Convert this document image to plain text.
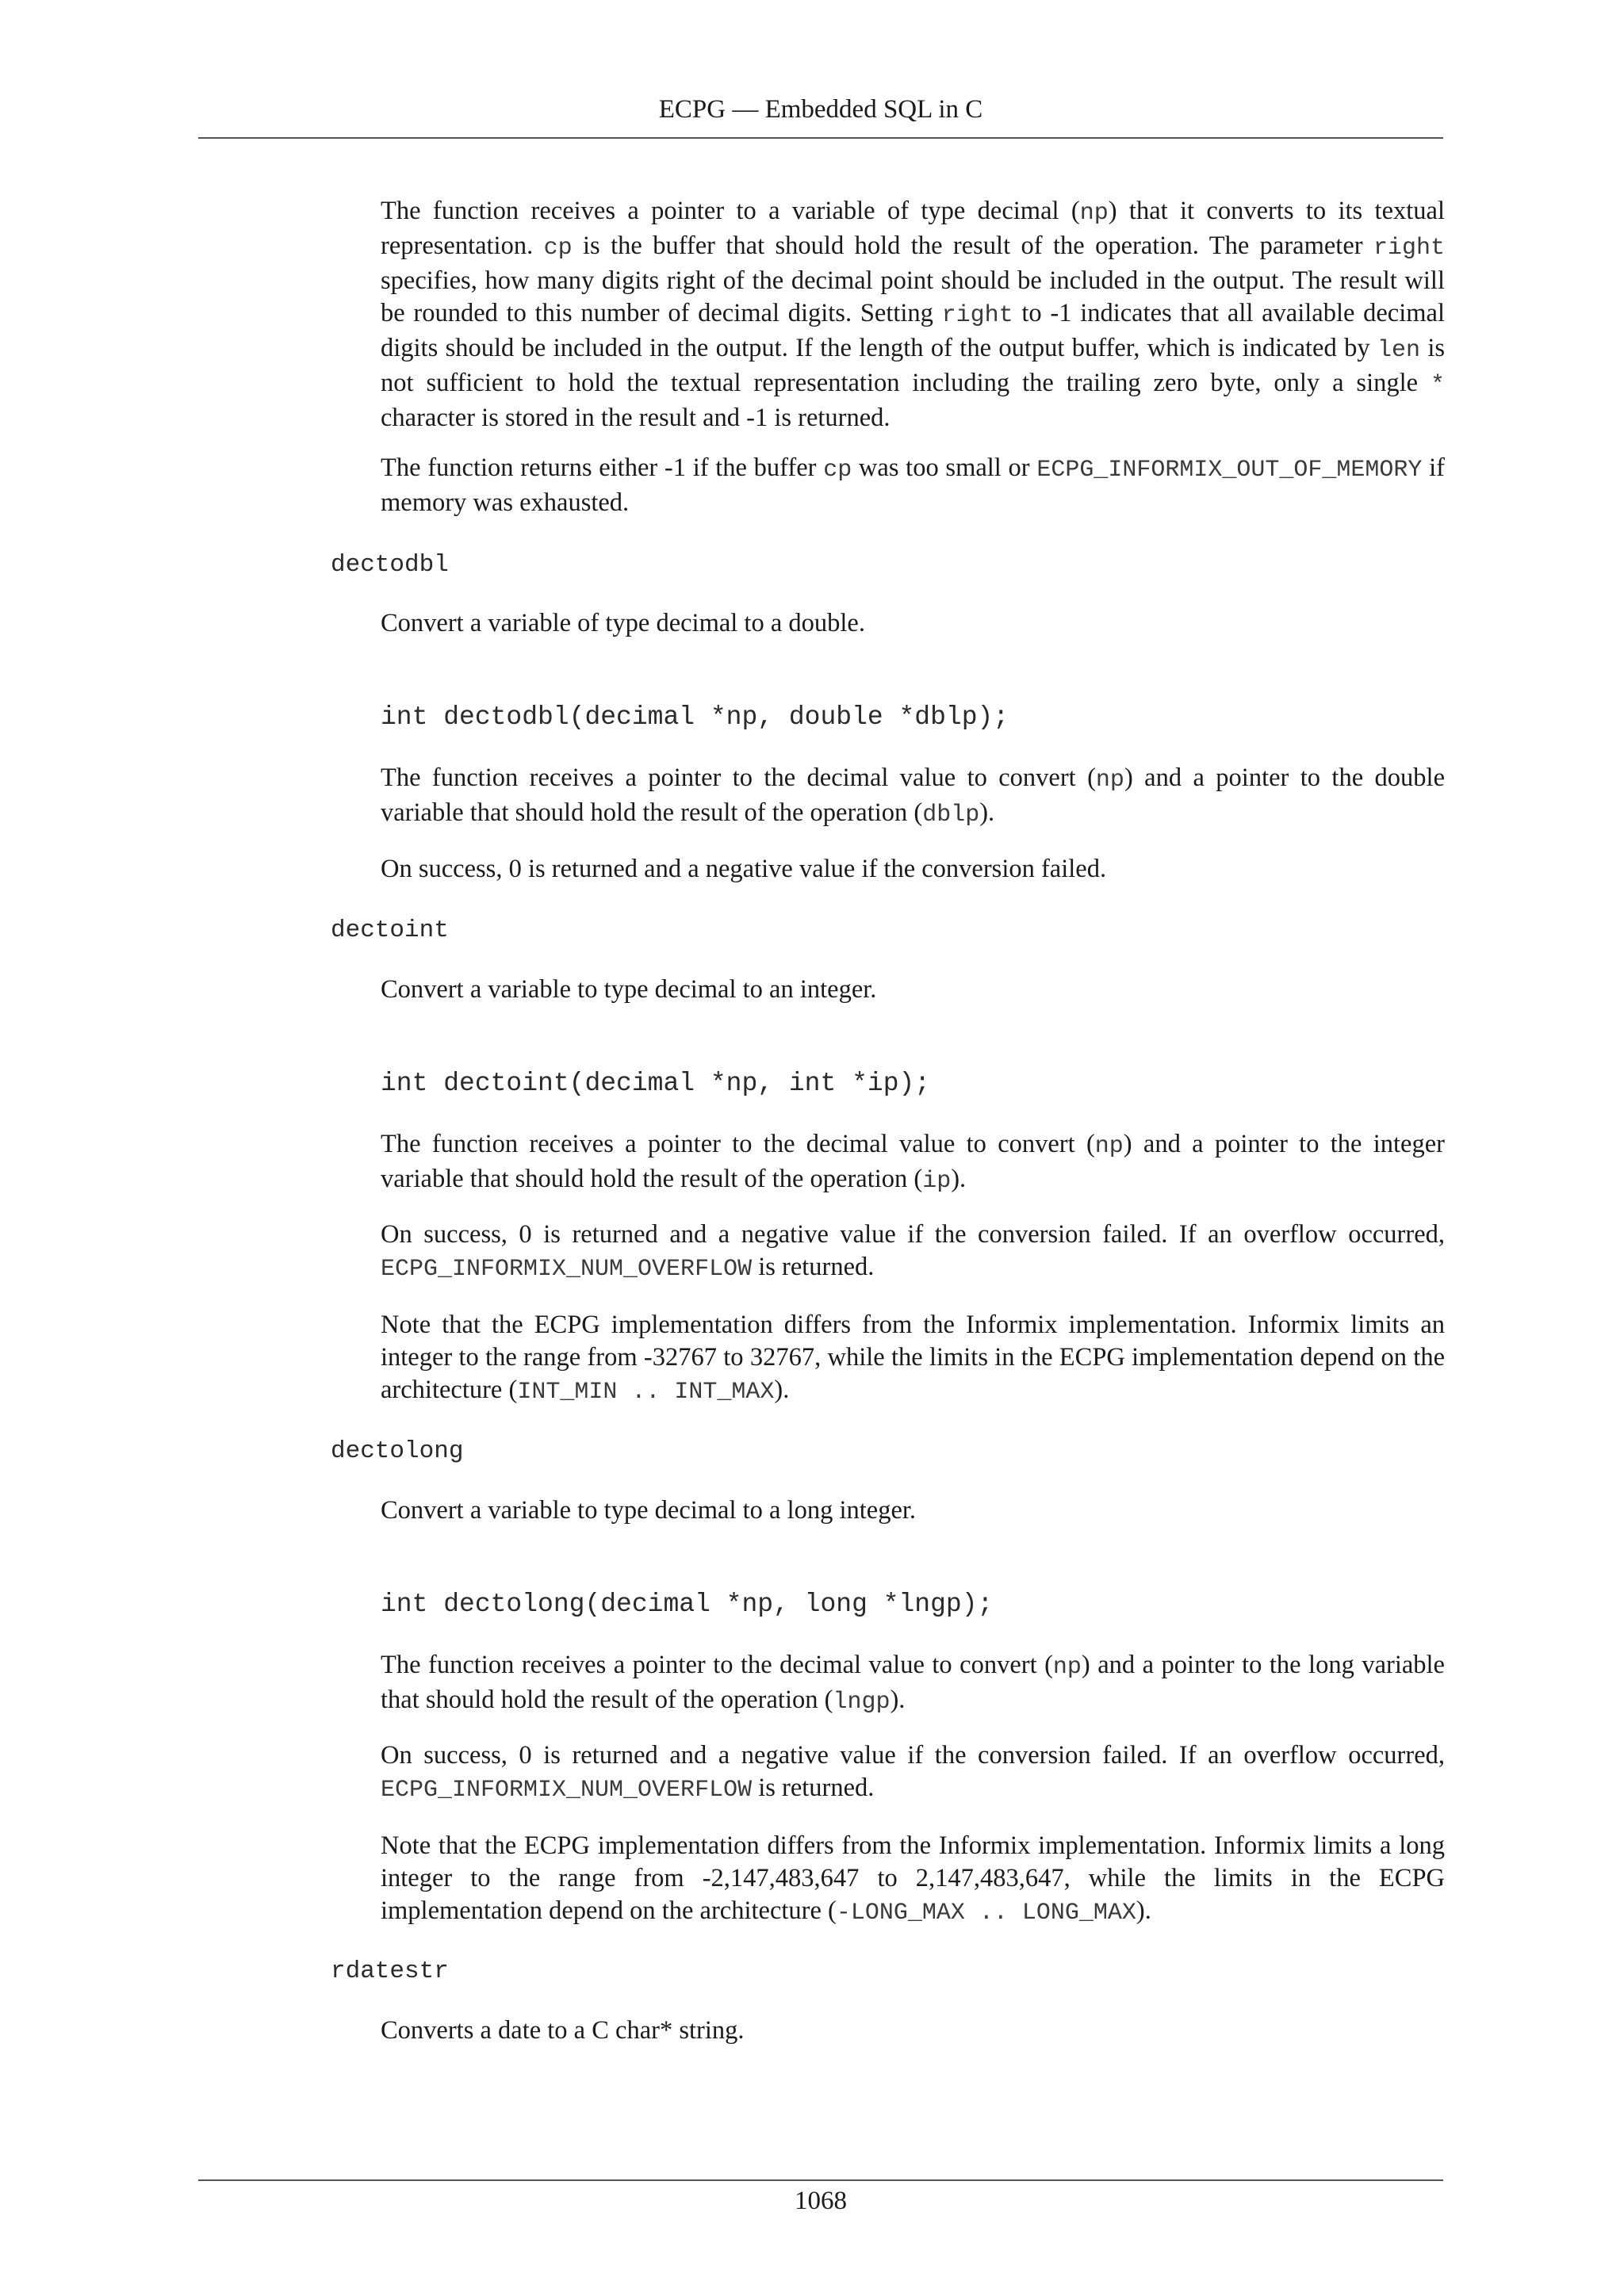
ECPG — Embedded SQL in C

The function receives a pointer to a variable of type decimal (np) that it converts to its textual representation. cp is the buffer that should hold the result of the operation. The parameter right specifies, how many digits right of the decimal point should be included in the output. The result will be rounded to this number of decimal digits. Setting right to -1 indicates that all available decimal digits should be included in the output. If the length of the output buffer, which is indicated by len is not sufficient to hold the textual representation including the trailing zero byte, only a single * character is stored in the result and -1 is returned.

The function returns either -1 if the buffer cp was too small or ECPG_INFORMIX_OUT_OF_MEMORY if memory was exhausted.

dectodbl

Convert a variable of type decimal to a double.

int dectodbl(decimal *np, double *dblp);

The function receives a pointer to the decimal value to convert (np) and a pointer to the double variable that should hold the result of the operation (dblp).

On success, 0 is returned and a negative value if the conversion failed.

dectoint

Convert a variable to type decimal to an integer.

int dectoint(decimal *np, int *ip);

The function receives a pointer to the decimal value to convert (np) and a pointer to the integer variable that should hold the result of the operation (ip).

On success, 0 is returned and a negative value if the conversion failed. If an overflow occurred, ECPG_INFORMIX_NUM_OVERFLOW is returned.

Note that the ECPG implementation differs from the Informix implementation. Informix limits an integer to the range from -32767 to 32767, while the limits in the ECPG implementation depend on the architecture (INT_MIN .. INT_MAX).

dectolong

Convert a variable to type decimal to a long integer.

int dectolong(decimal *np, long *lngp);

The function receives a pointer to the decimal value to convert (np) and a pointer to the long variable that should hold the result of the operation (lngp).

On success, 0 is returned and a negative value if the conversion failed. If an overflow occurred, ECPG_INFORMIX_NUM_OVERFLOW is returned.

Note that the ECPG implementation differs from the Informix implementation. Informix limits a long integer to the range from -2,147,483,647 to 2,147,483,647, while the limits in the ECPG implementation depend on the architecture (-LONG_MAX .. LONG_MAX).

rdatestr

Converts a date to a C char* string.

1068
